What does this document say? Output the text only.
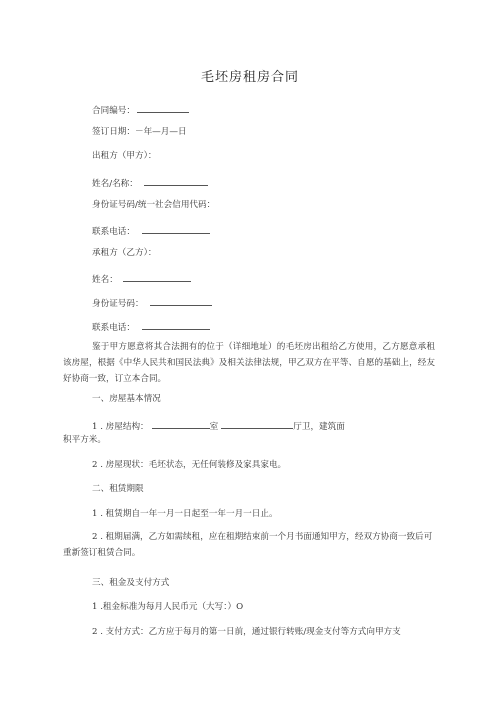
毛坯房租房合同
合同编号：
签订日期：－年—月—日
出租方（甲方）：
姓名/名称：
身份证号码/统一社会信用代码：
联系电话：
承租方（乙方）：
姓名：
身份证号码：
联系电话：
鉴于甲方愿意将其合法拥有的位于（详细地址）的毛坯房出租给乙方使用，乙方愿意承租该房屋，根据《中华人民共和国民法典》及相关法律法规，甲乙双方在平等、自愿的基础上，经友好协商一致，订立本合同。
一、房屋基本情况
1 . 房屋结构：	室	厅卫，建筑面
积平方米。
2 . 房屋现状：毛坯状态，无任何装修及家具家电。
二、租赁期限
1 . 租赁期自一年一月一日起至一年一月一日止。
2 . 租期届满，乙方如需续租，应在租期结束前一个月书面通知甲方，经双方协商一致后可重新签订租赁合同。
三、租金及支付方式
1 .租金标准为每月人民币元（大写：）O
2 . 支付方式：乙方应于每月的第一日前，通过银行转账/现金支付等方式向甲方支
